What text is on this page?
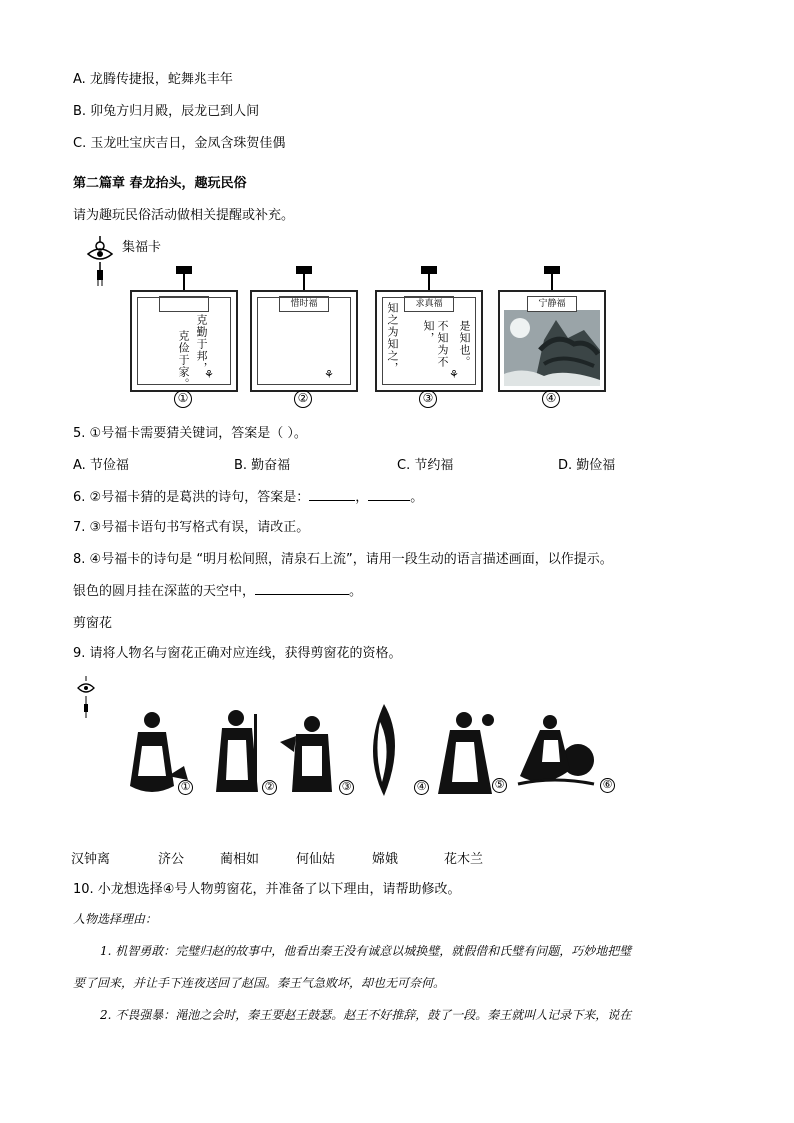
A. 龙腾传捷报，蛇舞兆丰年
B. 卯兔方归月殿，辰龙已到人间
C. 玉龙吐宝庆吉日，金凤含珠贺佳偶
第二篇章 春龙抬头，趣玩民俗
请为趣玩民俗活动做相关提醒或补充。
集福卡
克勤于邦，
克俭于家。 ⚘
①
惜时福
⚘
②
求真福
知之为知之，	不知为不知，	是知也。
⚘
③
宁静福
④
5. ①号福卡需要猜关键词，答案是（ ）。
A. 节俭福	B. 勤奋福	C. 节约福	D. 勤俭福
6. ②号福卡猜的是葛洪的诗句，答案是：	，	。
7. ③号福卡语句书写格式有误，请改正。
8. ④号福卡的诗句是 “明月松间照，清泉石上流”，请用一段生动的语言描述画面，以作提示。
银色的圆月挂在深蓝的天空中，	。
剪窗花
9. 请将人物名与窗花正确对应连线，获得剪窗花的资格。
①	②	③	④	⑤	⑥
汉钟离	济公	蔺相如	何仙姑	嫦娥	花木兰
10. 小龙想选择④号人物剪窗花，并准备了以下理由，请帮助修改。
人物选择理由：
1. 机智勇敢：完璧归赵的故事中，他看出秦王没有诚意以城换璧，就假借和氏璧有问题，巧妙地把璧
要了回来，并让手下连夜送回了赵国。秦王气急败坏，却也无可奈何。
2. 不畏强暴：渑池之会时，秦王要赵王鼓瑟。赵王不好推辞，鼓了一段。秦王就叫人记录下来，说在
